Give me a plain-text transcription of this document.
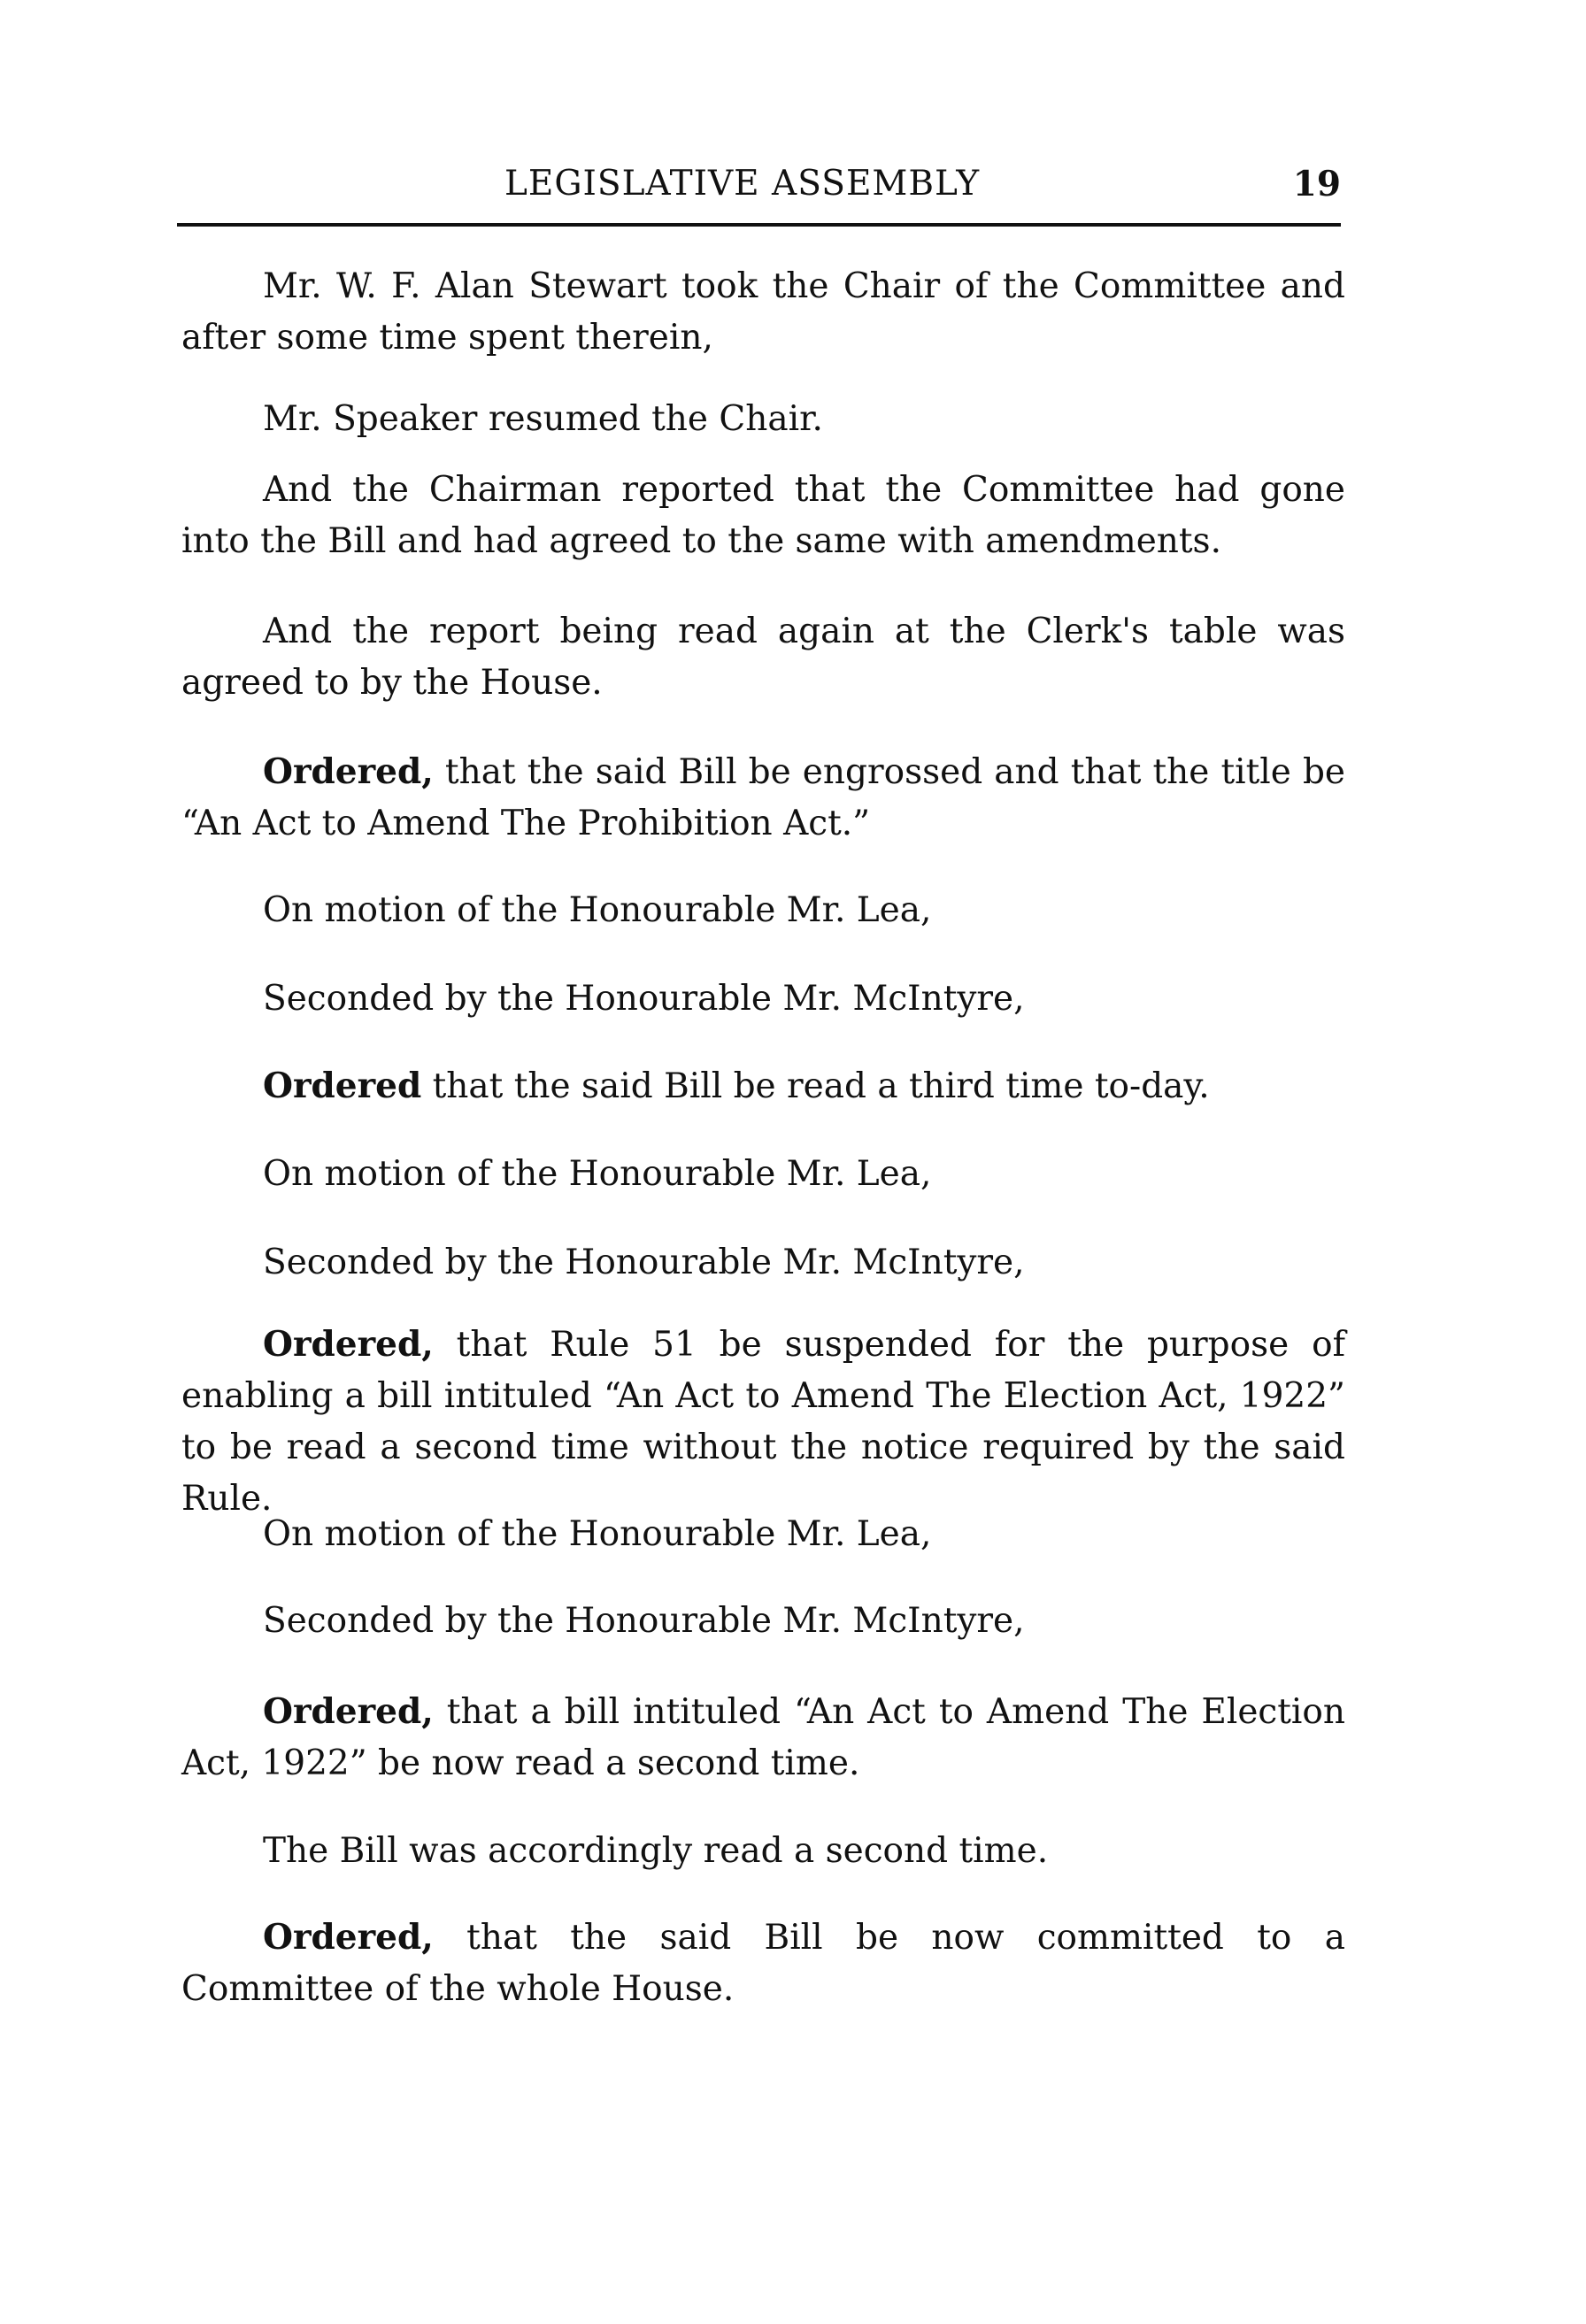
LEGISLATIVE ASSEMBLY	19

Mr. W. F. Alan Stewart took the Chair of the Committee and after some time spent therein,

Mr. Speaker resumed the Chair.

And the Chairman reported that the Committee had gone into the Bill and had agreed to the same with amendments.

And the report being read again at the Clerk's table was agreed to by the House.

Ordered, that the said Bill be engrossed and that the title be “An Act to Amend The Prohibition Act.”

On motion of the Honourable Mr. Lea,

Seconded by the Honourable Mr. McIntyre,

Ordered that the said Bill be read a third time to-day.

On motion of the Honourable Mr. Lea,

Seconded by the Honourable Mr. McIntyre,

Ordered, that Rule 51 be suspended for the purpose of enabling a bill intituled “An Act to Amend The Election Act, 1922” to be read a second time without the notice required by the said Rule.

On motion of the Honourable Mr. Lea,

Seconded by the Honourable Mr. McIntyre,

Ordered, that a bill intituled “An Act to Amend The Election Act, 1922” be now read a second time.

The Bill was accordingly read a second time.

Ordered, that the said Bill be now committed to a Committee of the whole House.
